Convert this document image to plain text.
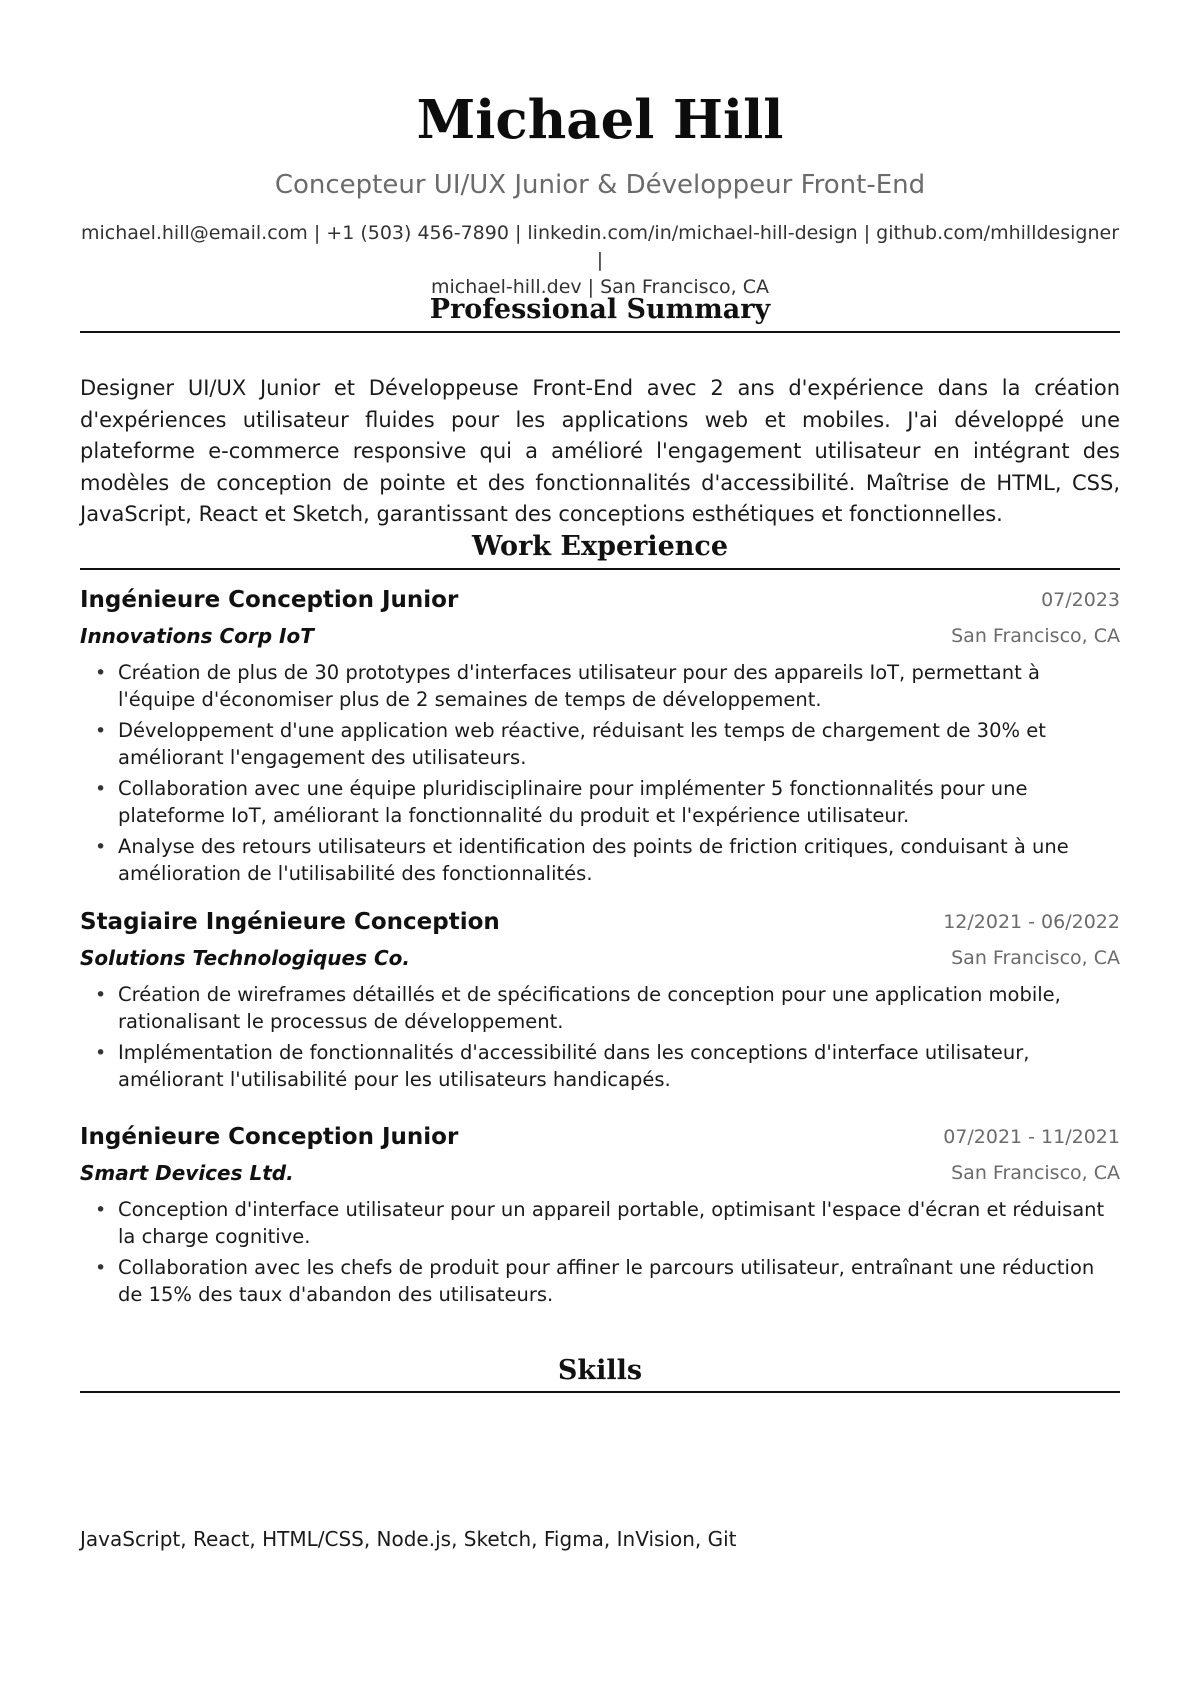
Michael Hill
Concepteur UI/UX Junior & Développeur Front-End
michael.hill@email.com | +1 (503) 456-7890 | linkedin.com/in/michael-hill-design | github.com/mhilldesigner |
michael-hill.dev | San Francisco, CA
Professional Summary
Designer UI/UX Junior et Développeuse Front-End avec 2 ans d'expérience dans la création d'expériences utilisateur fluides pour les applications web et mobiles. J'ai développé une plateforme e-commerce responsive qui a amélioré l'engagement utilisateur en intégrant des modèles de conception de pointe et des fonctionnalités d'accessibilité. Maîtrise de HTML, CSS, JavaScript, React et Sketch, garantissant des conceptions esthétiques et fonctionnelles.
Work Experience
Ingénieure Conception Junior	07/2023
Innovations Corp IoT	San Francisco, CA
• Création de plus de 30 prototypes d'interfaces utilisateur pour des appareils IoT, permettant à l'équipe d'économiser plus de 2 semaines de temps de développement.
• Développement d'une application web réactive, réduisant les temps de chargement de 30% et améliorant l'engagement des utilisateurs.
• Collaboration avec une équipe pluridisciplinaire pour implémenter 5 fonctionnalités pour une plateforme IoT, améliorant la fonctionnalité du produit et l'expérience utilisateur.
• Analyse des retours utilisateurs et identification des points de friction critiques, conduisant à une amélioration de l'utilisabilité des fonctionnalités.
Stagiaire Ingénieure Conception	12/2021 - 06/2022
Solutions Technologiques Co.	San Francisco, CA
• Création de wireframes détaillés et de spécifications de conception pour une application mobile, rationalisant le processus de développement.
• Implémentation de fonctionnalités d'accessibilité dans les conceptions d'interface utilisateur, améliorant l'utilisabilité pour les utilisateurs handicapés.
Ingénieure Conception Junior	07/2021 - 11/2021
Smart Devices Ltd.	San Francisco, CA
• Conception d'interface utilisateur pour un appareil portable, optimisant l'espace d'écran et réduisant la charge cognitive.
• Collaboration avec les chefs de produit pour affiner le parcours utilisateur, entraînant une réduction de 15% des taux d'abandon des utilisateurs.
Skills
JavaScript, React, HTML/CSS, Node.js, Sketch, Figma, InVision, Git
